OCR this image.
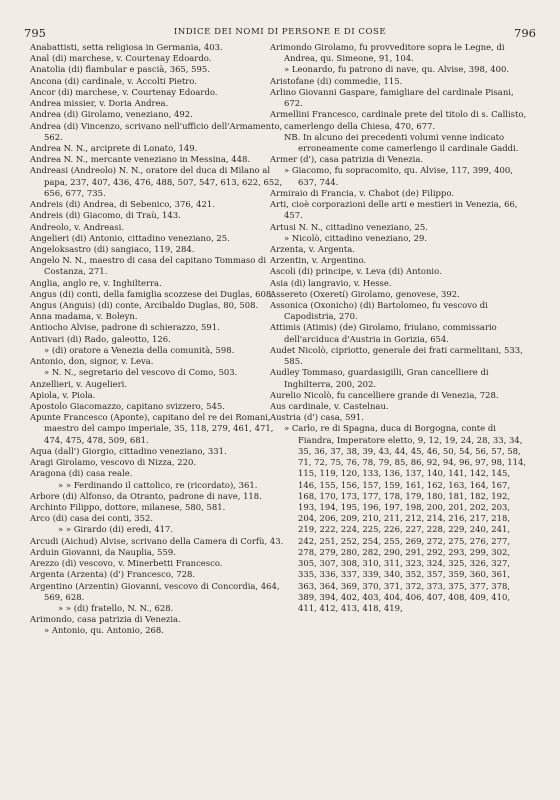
795	INDICE DEI NOMI DI PERSONE E DI COSE	796

Anabattisti, setta religiosa in Germania, 403.

Anal (di) marchese, v. Courtenay Edoardo.

Anatolia (di) flambular e pascià, 365, 595.

Ancona (di) cardinale, v. Accolti Pietro.

Ancor (di) marchese, v. Courtenay Edoardo.

Andrea missier, v. Doria Andrea.

Andrea (di) Girolamo, veneziano, 492.

Andrea (di) Vincenzo, scrivano nell'ufficio dell'Armamento, 562.

Andrea N. N., arciprete di Lonato, 149.

Andrea N. N., mercante veneziano in Messina, 448.

Andreasi (Andreolo) N. N., oratore del duca di Milano al papa, 237, 407, 436, 476, 488, 507, 547, 613, 622, 652, 656, 677, 735.

Andreis (di) Andrea, di Sebenico, 376, 421.

Andreis (di) Giacomo, di Traù, 143.

Andreolo, v. Andreasi.

Angelieri (di) Antonio, cittadino veneziano, 25.

Angeloksastro (di) sangiaco, 119, 284.

Angelo N. N., maestro di casa del capitano Tommaso di Costanza, 271.

Anglia, anglo re, v. Inghilterra.

Angus (di) conti, della famiglia scozzese dei Duglas, 608.

Angus (Anguis) (di) conte, Arcibaldo Duglas, 80, 508.

Anna madama, v. Boleyn.

Antiocho Alvise, padrone di schierazzo, 591.

Antivari (di) Rado, galeotto, 126.

» (di) oratore a Venezia della comunità, 598.

Antonio, don, signor, v. Leva.

» N. N., segretario del vescovo di Como, 503.

Anzellieri, v. Augelieri.

Apiola, v. Piola.

Apostolo Giacomazzo, capitano svizzero, 545.

Apunte Francesco (Aponte), capitano del re dei Romani, maestro del campo imperiale, 35, 118, 279, 461, 471, 474, 475, 478, 509, 681.

Aqua (dall') Giorgio, cittadino veneziano, 331.

Aragi Girolamo, vescovo di Nizza, 220.

Aragona (di) casa reale.

» » Ferdinando il cattolico, re (ricordato), 361.

Arbore (di) Alfonso, da Otranto, padrone di nave, 118.

Archinto Filippo, dottore, milanese, 580, 581.

Arco (di) casa dei conti, 352.

» » Girardo (di) eredi, 417.

Arcudi (Aichud) Alvise, scrivano della Camera di Corfù, 43.

Arduin Giovanni, da Nauplia, 559.

Arezzo (di) vescovo, v. Minerbetti Francesco.

Argenta (Arzenta) (d') Francesco, 728.

Argentino (Arzentin) Giovanni, vescovo di Concordia, 464, 569, 628.

» » (di) fratello, N. N., 628.

Arimondo, casa patrizia di Venezia.

» Antonio, qu. Antonio, 268.

Arimondo Girolamo, fu provveditore sopra le Legne, di Andrea, qu. Simeone, 91, 104.

» Leonardo, fu patrono di nave, qu. Alvise, 398, 400.

Aristofane (di) commedie, 115.

Arlino Giovanni Gaspare, famigliare del cardinale Pisani, 672.

Armellini Francesco, cardinale prete del titolo di s. Callisto, camerlengo della Chiesa, 470, 677.

NB. In alcuno dei precedenti volumi venne indicato erroneamente come camerlengo il cardinale Gaddi.

Armer (d'), casa patrizia di Venezia.

» Giacomo, fu sopracomito, qu. Alvise, 117, 399, 400, 637, 744.

Armiraio di Francia, v. Chabot (de) Filippo.

Arti, cioè corporazioni delle arti e mestieri in Venezia, 66, 457.

Artusi N. N., cittadino veneziano, 25.

» Nicolò, cittadino veneziano, 29.

Arzenta, v. Argenta.

Arzentin, v. Argentino.

Ascoli (di) principe, v. Leva (di) Antonio.

Asia (di) langravio, v. Hesse.

Assereto (Oxeretí) Girolamo, genovese, 392.

Assonica (Oxonicho) (di) Bartolomeo, fu vescovo di Capodistria, 270.

Attimis (Atimis) (de) Girolamo, friulano, commissario dell'arciduca d'Austria in Gorizia, 654.

Audet Nicolò, cipriotto, generale dei frati carmelitani, 533, 585.

Audley Tommaso, guardasigilli, Gran cancelliere di Inghilterra, 200, 202.

Aurelio Nicolò, fu cancelliere grande di Venezia, 728.

Aus cardinale, v. Castelnau.

Austria (d') casa, 591.

» Carlo, re di Spagna, duca di Borgogna, conte di Fiandra, Imperatore eletto, 9, 12, 19, 24, 28, 33, 34, 35, 36, 37, 38, 39, 43, 44, 45, 46, 50, 54, 56, 57, 58, 71, 72, 75, 76, 78, 79, 85, 86, 92, 94, 96, 97, 98, 114, 115, 119, 120, 133, 136, 137, 140, 141, 142, 145, 146, 155, 156, 157, 159, 161, 162, 163, 164, 167, 168, 170, 173, 177, 178, 179, 180, 181, 182, 192, 193, 194, 195, 196, 197, 198, 200, 201, 202, 203, 204, 206, 209, 210, 211, 212, 214, 216, 217, 218, 219, 222, 224, 225, 226, 227, 228, 229, 240, 241, 242, 251, 252, 254, 255, 269, 272, 275, 276, 277, 278, 279, 280, 282, 290, 291, 292, 293, 299, 302, 305, 307, 308, 310, 311, 323, 324, 325, 326, 327, 335, 336, 337, 339, 340, 352, 357, 359, 360, 361, 363, 364, 369, 370, 371, 372, 373, 375, 377, 378, 389, 394, 402, 403, 404, 406, 407, 408, 409, 410, 411, 412, 413, 418, 419,
